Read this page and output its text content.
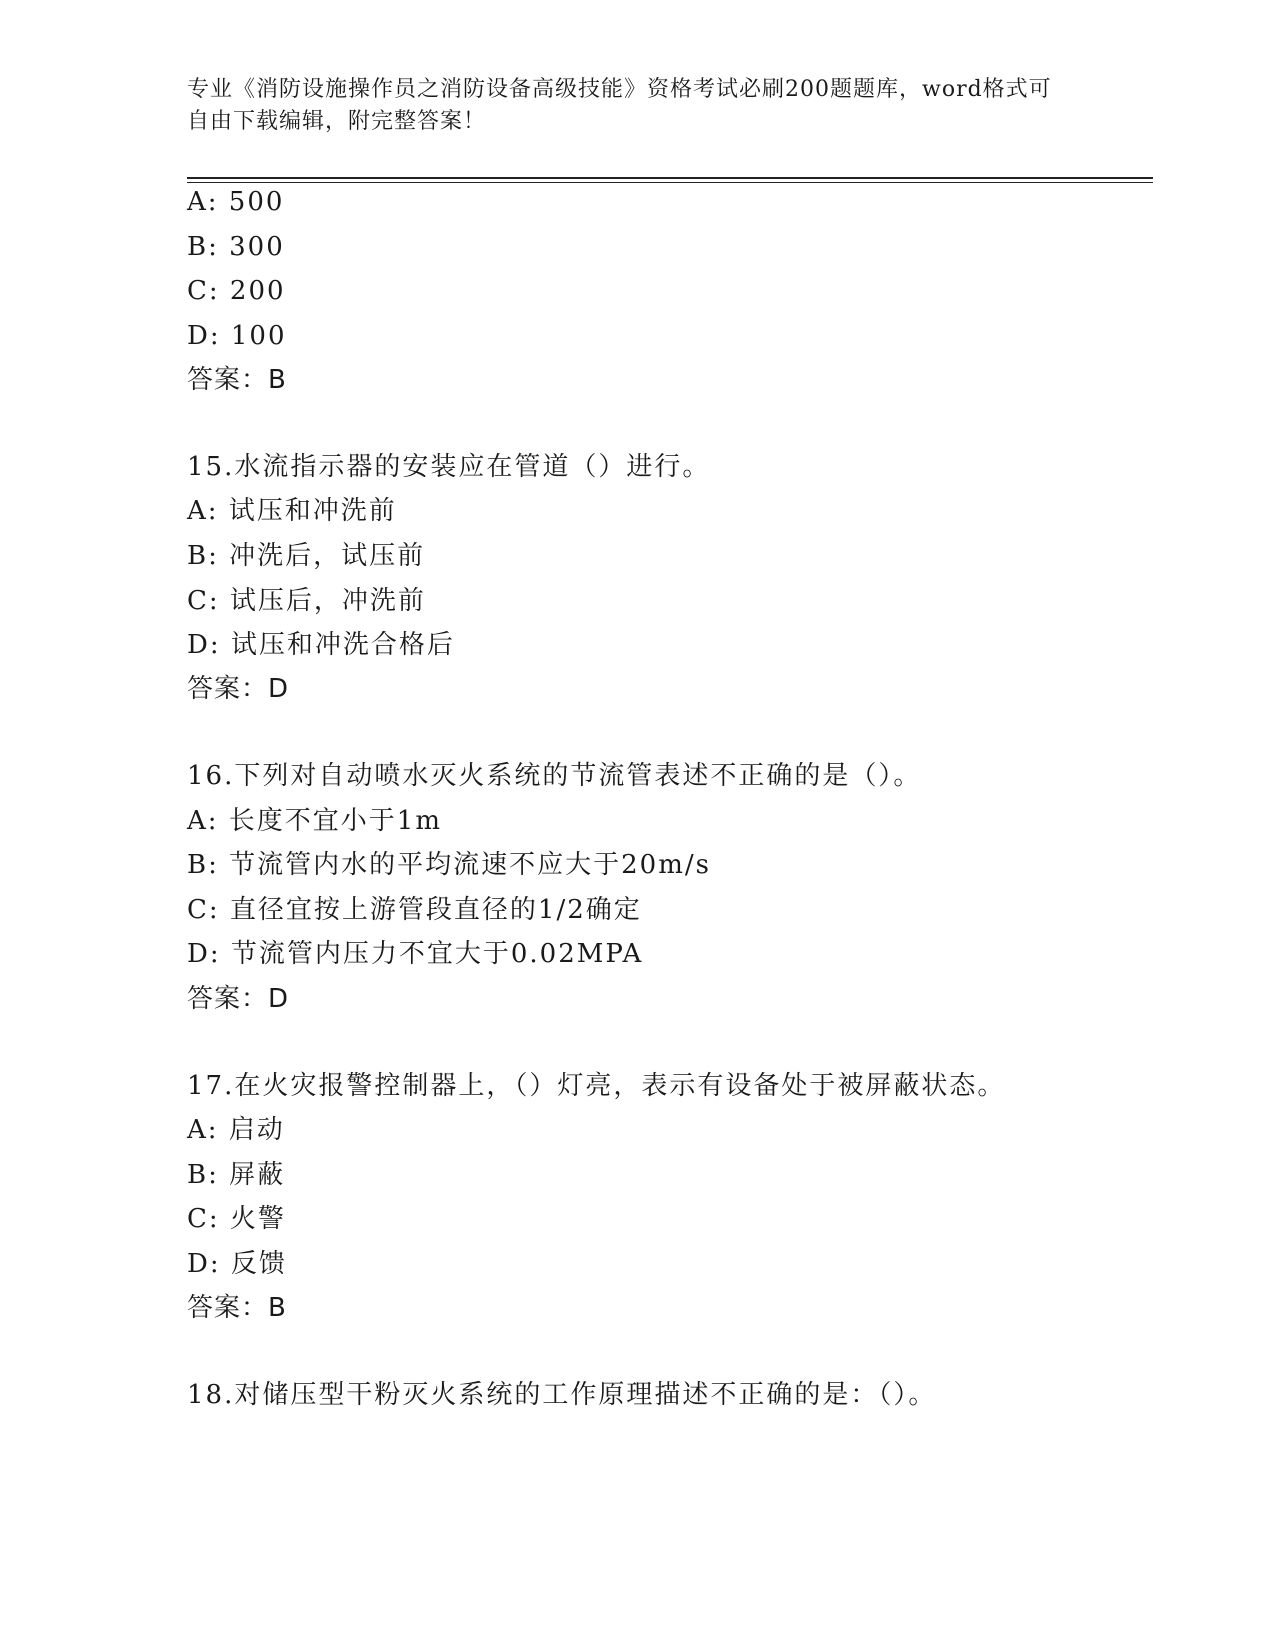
专业《消防设施操作员之消防设备高级技能》资格考试必刷200题题库，word格式可自由下载编辑，附完整答案！
A: 500
B: 300
C: 200
D: 100
答案：B
15.水流指示器的安装应在管道（）进行。
A: 试压和冲洗前
B: 冲洗后，试压前
C: 试压后，冲洗前
D: 试压和冲洗合格后
答案：D
16.下列对自动喷水灭火系统的节流管表述不正确的是（）。
A: 长度不宜小于1m
B: 节流管内水的平均流速不应大于20m/s
C: 直径宜按上游管段直径的1/2确定
D: 节流管内压力不宜大于0.02MPA
答案：D
17.在火灾报警控制器上，（）灯亮，表示有设备处于被屏蔽状态。
A: 启动
B: 屏蔽
C: 火警
D: 反馈
答案：B
18.对储压型干粉灭火系统的工作原理描述不正确的是：（）。
